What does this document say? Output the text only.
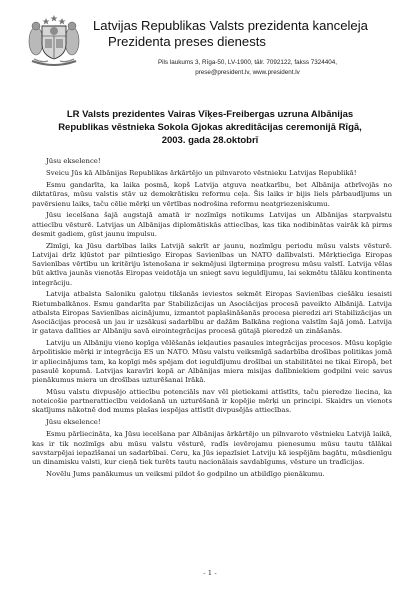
Latvijas Republikas Valsts prezidenta kanceleja

Prezidenta preses dienests

Pils laukums 3, Rīga-50, LV-1900, tālr. 7092122, fakss 7324404,

prese@president.lv, www.president.lv

LR Valsts prezidentes Vairas Vīķes-Freibergas uzruna Albānijas
Republikas vēstnieka Sokola Gjokas akreditācijas ceremonijā Rīgā,
2003. gada 28.oktobrī

Jūsu ekselence!

Sveicu Jūs kā Albānijas Republikas ārkārtējo un pilnvaroto vēstnieku Latvijas Republikā!

Esmu gandarīta, ka laika posmā, kopš Latvija atguva neatkarību, bet Albānija atbrīvojās no diktatūras, mūsu valstis stāv uz demokrātisku reformu ceļa. Šis laiks ir bijis liels pārbaudījums un pavērsienu laiks, taču cēlie mērķi un vērtības nodrošina reformu neatgriezeniskumu.

Jūsu iecelšana šajā augstajā amatā ir nozīmīgs notikums Latvijas un Albānijas starpvalstu attiecību vēsturē. Latvijas un Albānijas diplomātiskās attiecības, kas tika nodibinātas vairāk kā pirms desmit gadiem, gūst jaunu impulsu.

Zīmīgi, ka Jūsu darbības laiks Latvijā sakrīt ar jaunu, nozīmīgu periodu mūsu valsts vēsturē. Latvijai drīz kļūstot par pilntiesīgo Eiropas Savienības un NATO dalībvalsti. Mērķtiecīga Eiropas Savienības vērtību un kritēriju īstenošana ir sekmējusi ilgtermiņa progresu mūsu valstī. Latvija vēlas būt aktīva jaunās vienotās Eiropas veidotāja un sniegt savu ieguldījumu, lai sekmētu tālāku kontinenta integrāciju.

Latvija atbalsta Saloniku galotņu tikšanās ieviestos sekmēt Eiropas Savienības ciešāku iesaisti Rietumbalkānos. Esmu gandarīta par Stabilizācijas un Asociācijas procesā paveikto Albānijā. Latvija atbalsta Eiropas Savienības aicinājumu, izmantot paplašināšanās procesa pieredzi ari Stabilizācijas un Asociācijas procesā un jau ir uzsākusi sadarbību ar dažām Balkāna reģiona valstīm šajā jomā. Latvija ir gatava dalīties ar Albāniju savā eirointegrācijas procesā gūtajā pieredzē un zināšanās.

Latviju un Albāniju vieno kopīga vēlēšanās iekļauties pasaules integrācijas procesos. Mūsu kopīgie ārpolitiskie mērķi ir integrācija ES un NATO. Mūsu valstu veiksmīgā sadarbība drošības politikas jomā ir apliecinājums tam, ka kopīgi mēs spējam dot ieguldījumu drošībai un stabilitātei ne tikai Eiropā, bet pasaulē kopumā. Latvijas karavīri kopā ar Albānijas miera misijas dalībniekiem godpilni veic savus pienākumus miera un drošības uzturēšanai Irākā.

Mūsu valstu divpusējo attiecību potenciāls nav vēl pietiekami attīstīts, taču pieredze liecina, ka noteicošie partnerattiecību veidošanā un uzturēšanā ir kopējie mērķi un principi. Skaidrs un vienots skatījums nākotnē dod mums plašas iespējas attīstīt divpusējās attiecības.

Jūsu ekselence!

Esmu pārliecināta, ka Jūsu iecelšana par Albānijas ārkārtējo un pilnvaroto vēstnieku Latvijā laikā, kas ir tik nozīmīgs abu mūsu valstu vēsturē, radīs ievērojamu pienesumu mūsu tautu tālākai savstarpējai iepazīšanai un sadarbībai. Ceru, ka Jūs iepazīsiet Latviju kā iespējām bagātu, mūsdienīgu un dinamisku valsti, kur cieņā tiek turēts tautu nacionālais savdabīgums, vēsture un tradīcijas.

Novēlu Jums panākumus un veiksmi pildot šo godpilno un atbildīgo pienākumu.

- 1 -
